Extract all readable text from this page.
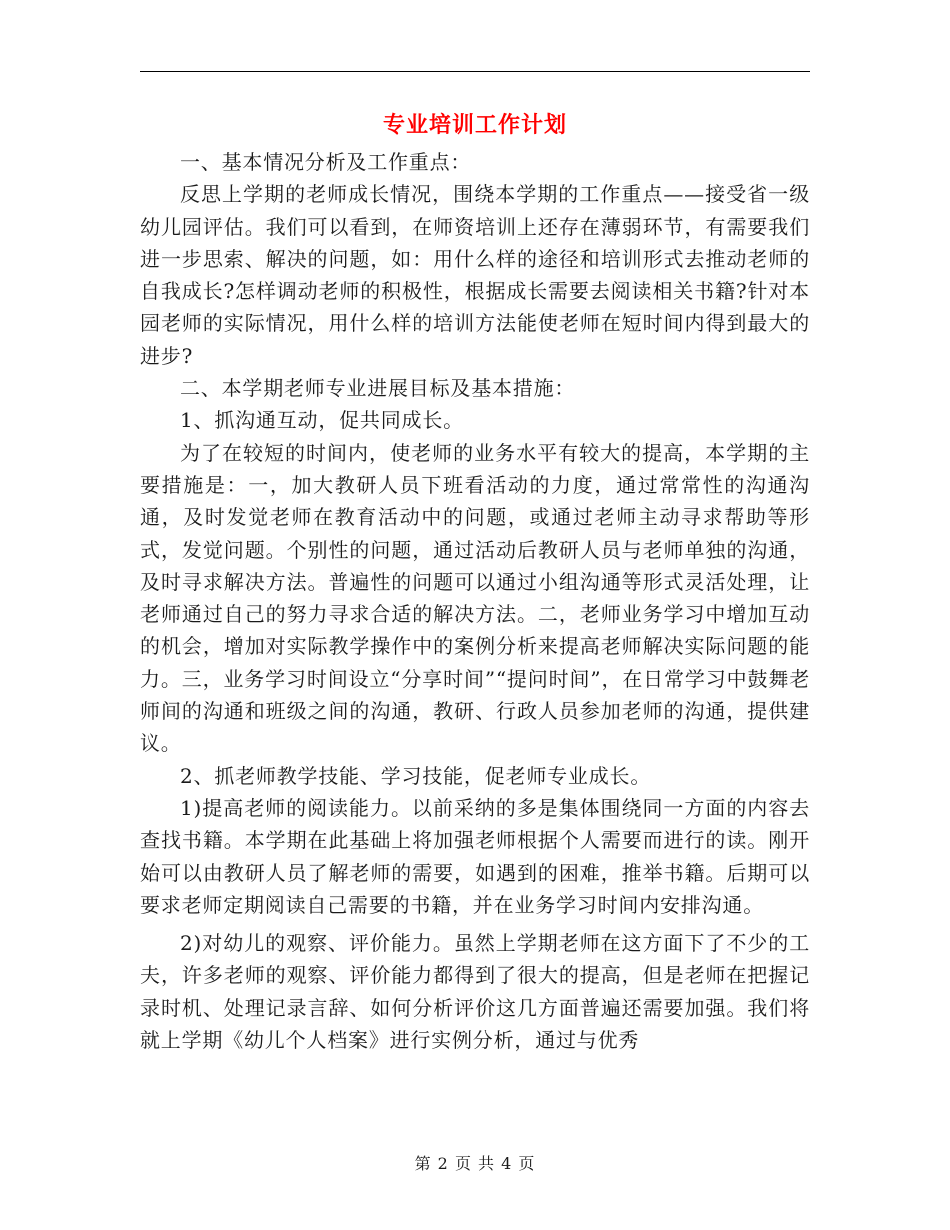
专业培训工作计划

一、基本情况分析及工作重点：

反思上学期的老师成长情况，围绕本学期的工作重点——接受省一级幼儿园评估。我们可以看到，在师资培训上还存在薄弱环节，有需要我们进一步思索、解决的问题，如：用什么样的途径和培训形式去推动老师的自我成长?怎样调动老师的积极性，根据成长需要去阅读相关书籍?针对本园老师的实际情况，用什么样的培训方法能使老师在短时间内得到最大的进步?

二、本学期老师专业进展目标及基本措施：

1、抓沟通互动，促共同成长。

为了在较短的时间内，使老师的业务水平有较大的提高，本学期的主要措施是：一，加大教研人员下班看活动的力度，通过常常性的沟通沟通，及时发觉老师在教育活动中的问题，或通过老师主动寻求帮助等形式，发觉问题。个别性的问题，通过活动后教研人员与老师单独的沟通，及时寻求解决方法。普遍性的问题可以通过小组沟通等形式灵活处理，让老师通过自己的努力寻求合适的解决方法。二，老师业务学习中增加互动的机会，增加对实际教学操作中的案例分析来提高老师解决实际问题的能力。三，业务学习时间设立“分享时间”“提问时间”，在日常学习中鼓舞老师间的沟通和班级之间的沟通，教研、行政人员参加老师的沟通，提供建议。

2、抓老师教学技能、学习技能，促老师专业成长。

1)提高老师的阅读能力。以前采纳的多是集体围绕同一方面的内容去查找书籍。本学期在此基础上将加强老师根据个人需要而进行的读。刚开始可以由教研人员了解老师的需要，如遇到的困难，推举书籍。后期可以要求老师定期阅读自己需要的书籍，并在业务学习时间内安排沟通。

2)对幼儿的观察、评价能力。虽然上学期老师在这方面下了不少的工夫，许多老师的观察、评价能力都得到了很大的提高，但是老师在把握记录时机、处理记录言辞、如何分析评价这几方面普遍还需要加强。我们将就上学期《幼儿个人档案》进行实例分析，通过与优秀

第 2 页 共 4 页
